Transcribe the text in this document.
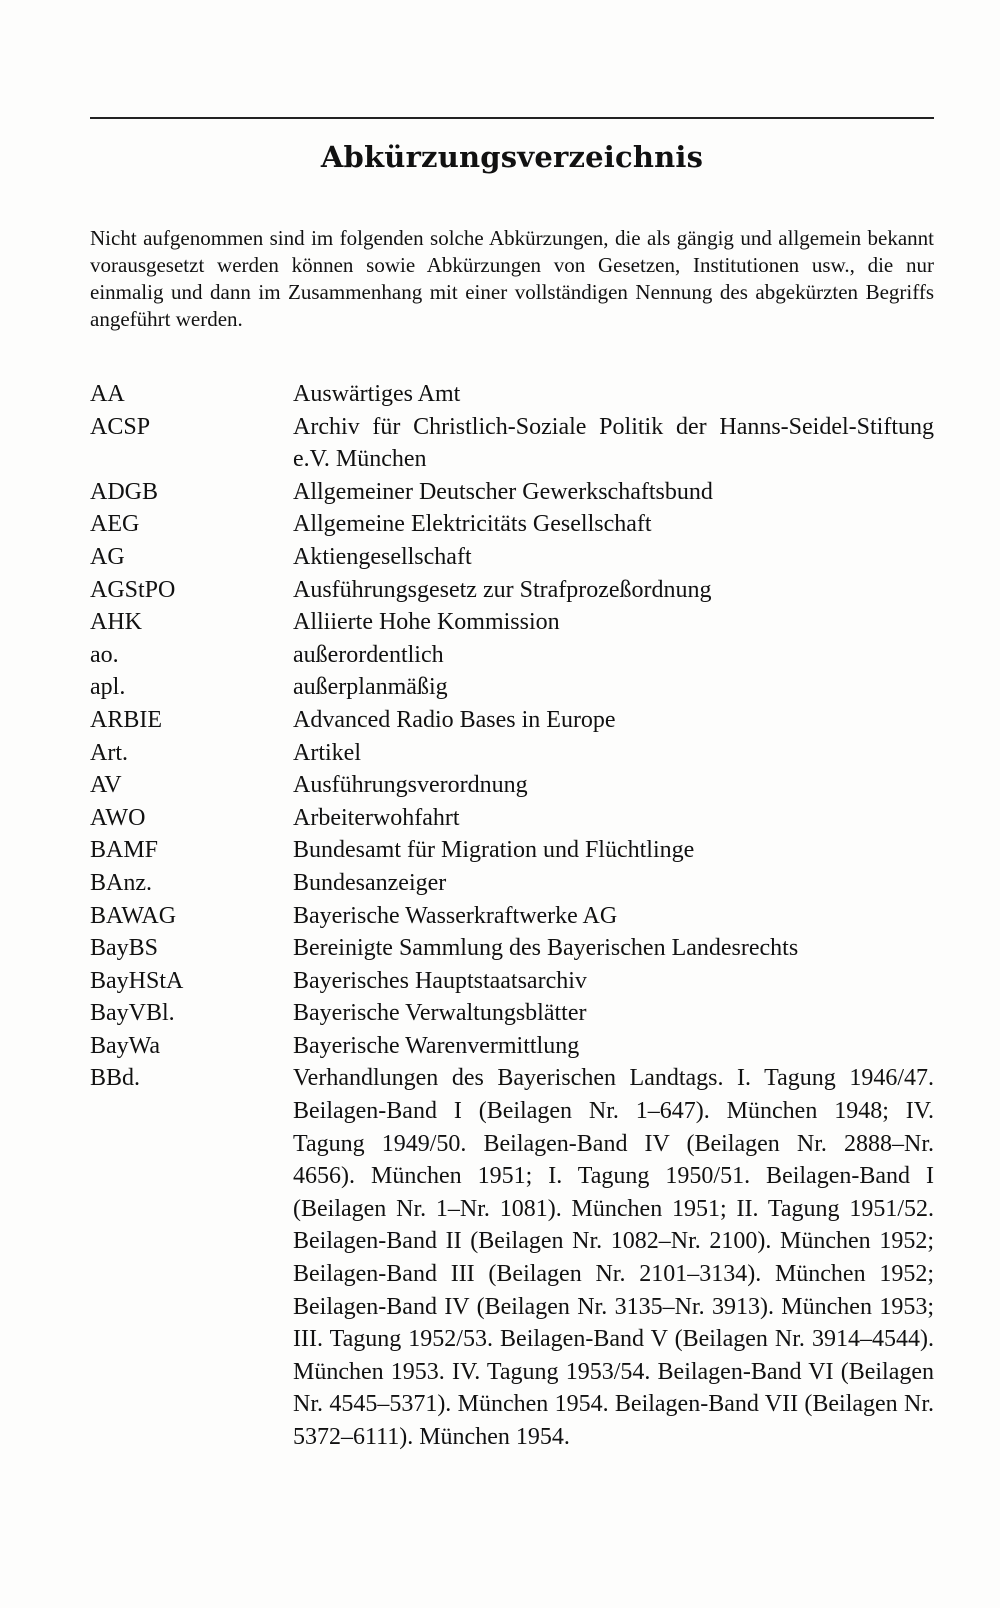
Abkürzungsverzeichnis

Nicht aufgenommen sind im folgenden solche Abkürzungen, die als gängig und allgemein bekannt vorausgesetzt werden können sowie Abkürzungen von Gesetzen, Institutionen usw., die nur einmalig und dann im Zusammenhang mit einer vollständigen Nennung des abgekürzten Begriffs angeführt werden.

AA	Auswärtiges Amt
ACSP	Archiv für Christlich-Soziale Politik der Hanns-Seidel-Stiftung e.V. München
ADGB	Allgemeiner Deutscher Gewerkschaftsbund
AEG	Allgemeine Elektricitäts Gesellschaft
AG	Aktiengesellschaft
AGStPO	Ausführungsgesetz zur Strafprozeßordnung
AHK	Alliierte Hohe Kommission
ao.	außerordentlich
apl.	außerplanmäßig
ARBIE	Advanced Radio Bases in Europe
Art.	Artikel
AV	Ausführungsverordnung
AWO	Arbeiterwohfahrt
BAMF	Bundesamt für Migration und Flüchtlinge
BAnz.	Bundesanzeiger
BAWAG	Bayerische Wasserkraftwerke AG
BayBS	Bereinigte Sammlung des Bayerischen Landesrechts
BayHStA	Bayerisches Hauptstaatsarchiv
BayVBl.	Bayerische Verwaltungsblätter
BayWa	Bayerische Warenvermittlung
BBd.	Verhandlungen des Bayerischen Landtags. I. Tagung 1946/47. Beilagen-Band I (Beilagen Nr. 1–647). München 1948; IV. Tagung 1949/50. Beilagen-Band IV (Beilagen Nr. 2888–Nr. 4656). München 1951; I. Tagung 1950/51. Beilagen-Band I (Beilagen Nr. 1–Nr. 1081). München 1951; II. Tagung 1951/52. Beilagen-Band II (Beilagen Nr. 1082–Nr. 2100). München 1952; Beilagen-Band III (Beilagen Nr. 2101–3134). München 1952; Beilagen-Band IV (Beilagen Nr. 3135–Nr. 3913). München 1953; III. Tagung 1952/53. Beilagen-Band V (Beilagen Nr. 3914–4544). München 1953. IV. Tagung 1953/54. Beilagen-Band VI (Beilagen Nr. 4545–5371). München 1954. Beilagen-Band VII (Beilagen Nr. 5372–6111). München 1954.
